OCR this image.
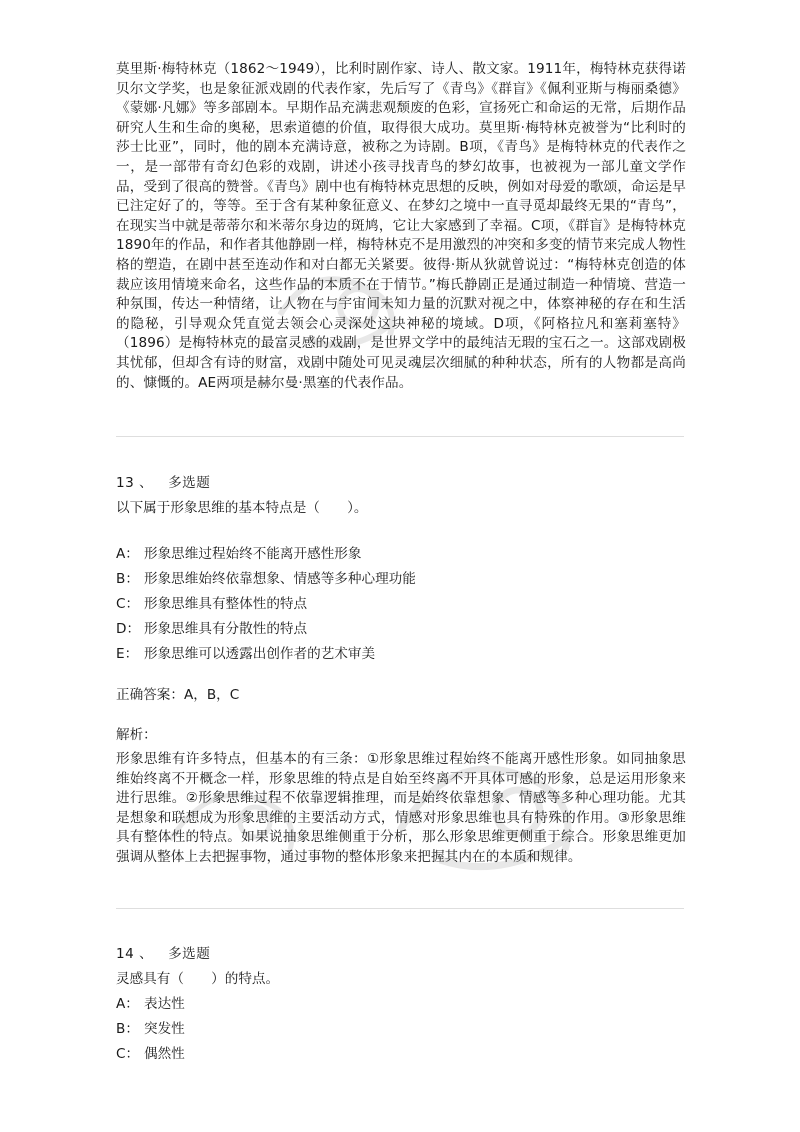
莫里斯·梅特林克（1862～1949），比利时剧作家、诗人、散文家。1911年，梅特林克获得诺贝尔文学奖，也是象征派戏剧的代表作家，先后写了《青鸟》《群盲》《佩利亚斯与梅丽桑德》《蒙娜·凡娜》等多部剧本。早期作品充满悲观颓废的色彩，宣扬死亡和命运的无常，后期作品研究人生和生命的奥秘，思索道德的价值，取得很大成功。莫里斯·梅特林克被誉为“比利时的莎士比亚”，同时，他的剧本充满诗意，被称之为诗剧。B项，《青鸟》是梅特林克的代表作之一，是一部带有奇幻色彩的戏剧，讲述小孩寻找青鸟的梦幻故事，也被视为一部儿童文学作品，受到了很高的赞誉。《青鸟》剧中也有梅特林克思想的反映，例如对母爱的歌颂，命运是早已注定好了的，等等。至于含有某种象征意义、在梦幻之境中一直寻觅却最终无果的“青鸟”，在现实当中就是蒂蒂尔和米蒂尔身边的斑鸠，它让大家感到了幸福。C项，《群盲》是梅特林克1890年的作品，和作者其他静剧一样，梅特林克不是用激烈的冲突和多变的情节来完成人物性格的塑造，在剧中甚至连动作和对白都无关紧要。彼得·斯从狄就曾说过：“梅特林克创造的体裁应该用情境来命名，这些作品的本质不在于情节。”梅氏静剧正是通过制造一种情境、营造一种氛围，传达一种情绪，让人物在与宇宙间未知力量的沉默对视之中，体察神秘的存在和生活的隐秘，引导观众凭直觉去领会心灵深处这块神秘的境域。D项，《阿格拉凡和塞莉塞特》（1896）是梅特林克的最富灵感的戏剧，是世界文学中的最纯洁无瑕的宝石之一。这部戏剧极其忧郁，但却含有诗的财富，戏剧中随处可见灵魂层次细腻的种种状态，所有的人物都是高尚的、慷慨的。AE两项是赫尔曼·黑塞的代表作品。

13 、 多选题
以下属于形象思维的基本特点是（　　）。
A： 形象思维过程始终不能离开感性形象
B： 形象思维始终依靠想象、情感等多种心理功能
C： 形象思维具有整体性的特点
D： 形象思维具有分散性的特点
E： 形象思维可以透露出创作者的艺术审美
正确答案：A，B，C
解析：

形象思维有许多特点，但基本的有三条：①形象思维过程始终不能离开感性形象。如同抽象思维始终离不开概念一样，形象思维的特点是自始至终离不开具体可感的形象，总是运用形象来进行思维。②形象思维过程不依靠逻辑推理，而是始终依靠想象、情感等多种心理功能。尤其是想象和联想成为形象思维的主要活动方式，情感对形象思维也具有特殊的作用。③形象思维具有整体性的特点。如果说抽象思维侧重于分析，那么形象思维更侧重于综合。形象思维更加强调从整体上去把握事物，通过事物的整体形象来把握其内在的本质和规律。

14 、 多选题
灵感具有（　　）的特点。
A： 表达性
B： 突发性
C： 偶然性
